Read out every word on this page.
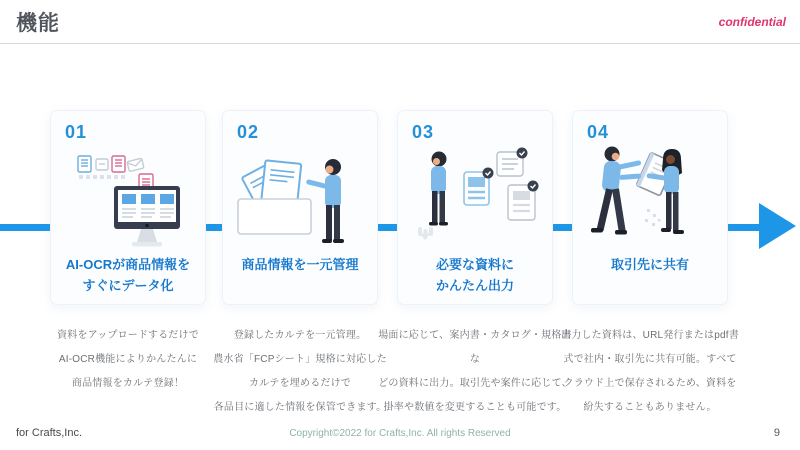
機能	confidential
01
AI-OCRが商品情報を
すぐにデータ化
02
商品情報を一元管理
03
必要な資料に
かんたん出力
04
取引先に共有
資料をアップロードするだけで
AI-OCR機能によりかんたんに
商品情報をカルテ登録！
登録したカルテを一元管理。
農水省「FCPシート」規格に対応した
カルテを埋めるだけで
各品目に適した情報を保管できます。
場面に応じて、案内書・カタログ・規格書な
どの資料に出力。取引先や案件に応じて、
掛率や数値を変更することも可能です。
出力した資料は、URL発行またはpdf書
式で社内・取引先に共有可能。すべて
クラウド上で保存されるため、資料を
紛失することもありません。
for Crafts,Inc.	Copyright©2022 for Crafts,Inc. All rights Reserved	9
